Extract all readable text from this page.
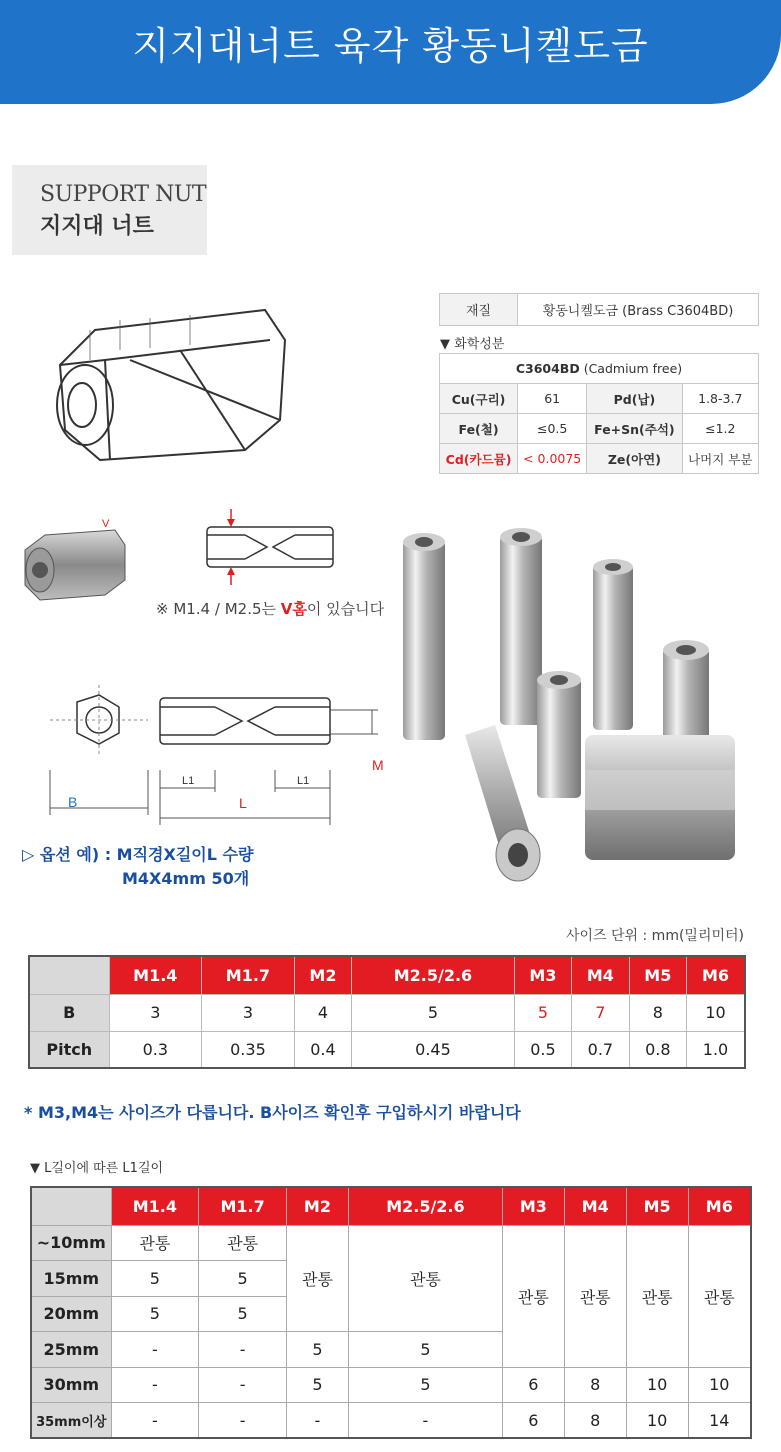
지지대너트 육각 황동니켈도금
SUPPORT NUT
지지대 너트
재질	황동니켈도금 (Brass C3604BD)
▼ 화학성분
C3604BD (Cadmium free)			
Cu(구리)	61	Pd(납)	1.8-3.7
Fe(철)	≤0.5	Fe+Sn(주석)	≤1.2
Cd(카드뮴)	< 0.0075	Ze(아연)	나머지 부분
V
※ M1.4 / M2.5는 V홈이 있습니다
B
M
L1	L1
L
▷ 옵션 예) : M직경X길이L 수량
M4X4mm 50개
사이즈 단위 : mm(밀리미터)
	M1.4	M1.7	M2	M2.5/2.6	M3	M4	M5	M6
B	3	3	4	5	5	7	8	10
Pitch	0.3	0.35	0.4	0.45	0.5	0.7	0.8	1.0
* M3,M4는 사이즈가 다릅니다. B사이즈 확인후 구입하시기 바랍니다
▼ L길이에 따른 L1길이
	M1.4	M1.7	M2	M2.5/2.6	M3	M4	M5	M6
~10mm	관통	관통	관통	관통	관통	관통	관통	관통
15mm	5	5						
20mm	5	5						
25mm	-	-	5	5				
30mm	-	-	5	5	6	8	10	10
35mm이상	-	-	-	-	6	8	10	14
